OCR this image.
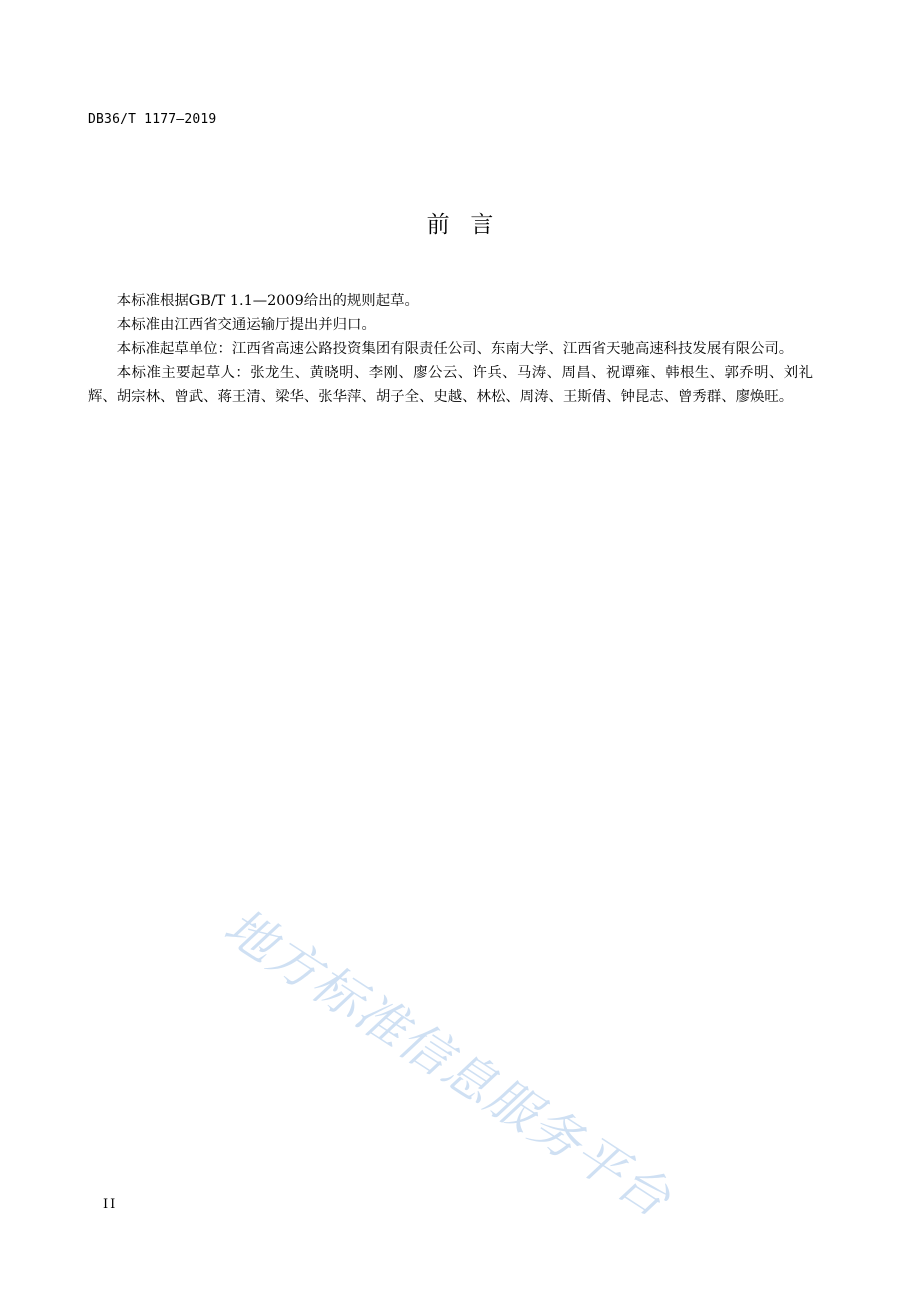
DB36/T 1177—2019
前言

本标准根据GB/T 1.1—2009给出的规则起草。

本标准由江西省交通运输厅提出并归口。

本标准起草单位：江西省高速公路投资集团有限责任公司、东南大学、江西省天驰高速科技发展有限公司。

本标准主要起草人：张龙生、黄晓明、李刚、廖公云、许兵、马涛、周昌、祝谭雍、韩根生、郭乔明、刘礼辉、胡宗林、曾武、蒋王清、梁华、张华萍、胡子全、史越、林松、周涛、王斯倩、钟昆志、曾秀群、廖焕旺。

地方标准信息服务平台
II
